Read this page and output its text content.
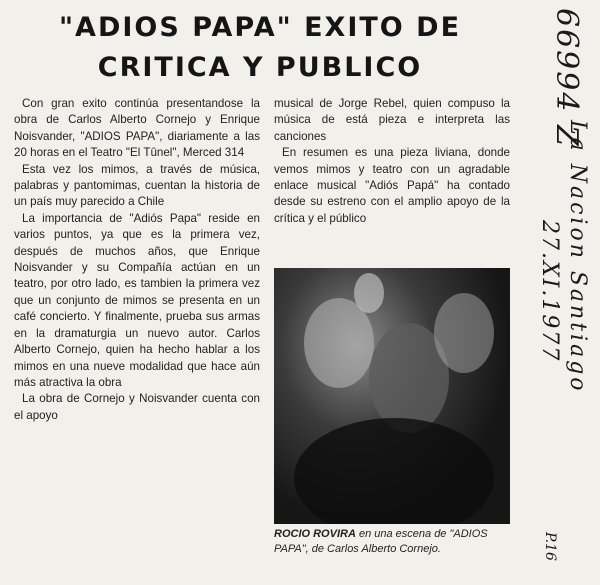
"ADIOS PAPA" EXITO DE
CRITICA Y PUBLICO

Con gran exito continúa presentandose la obra de Carlos Alberto Cornejo y Enrique Noisvander, "ADIOS PAPA", diariamente a las 20 horas en el Teatro "El Tûnel", Merced 314

Esta vez los mimos, a través de música, palabras y pantomimas, cuentan la historia de un país muy parecido a Chile

La importancia de "Adiós Papa" reside en varios puntos, ya que es la primera vez, después de muchos años, que Enrique Noisvander y su Compañía actúan en un teatro, por otro lado, es tambien la primera vez que un conjunto de mimos se presenta en un café concierto. Y finalmente, prueba sus armas en la dramaturgia un nuevo autor. Carlos Alberto Cornejo, quien ha hecho hablar a los mimos en una nueve modalidad que hace aún más atractiva la obra

La obra de Cornejo y Noisvander cuenta con el apoyo

musical de Jorge Rebel, quien compuso la música de está pieza e interpreta las canciones

En resumen es una pieza liviana, donde vemos mimos y teatro con un agradable enlace musical "Adiós Papá" ha contado desde su estreno con el amplio apoyo de la crítica y el público

ROCIO ROVIRA en una escena de "ADIOS PAPA", de Carlos Alberto Cornejo.
66994 Z
La Nacion Santiago
27.XI.1977
P.16
